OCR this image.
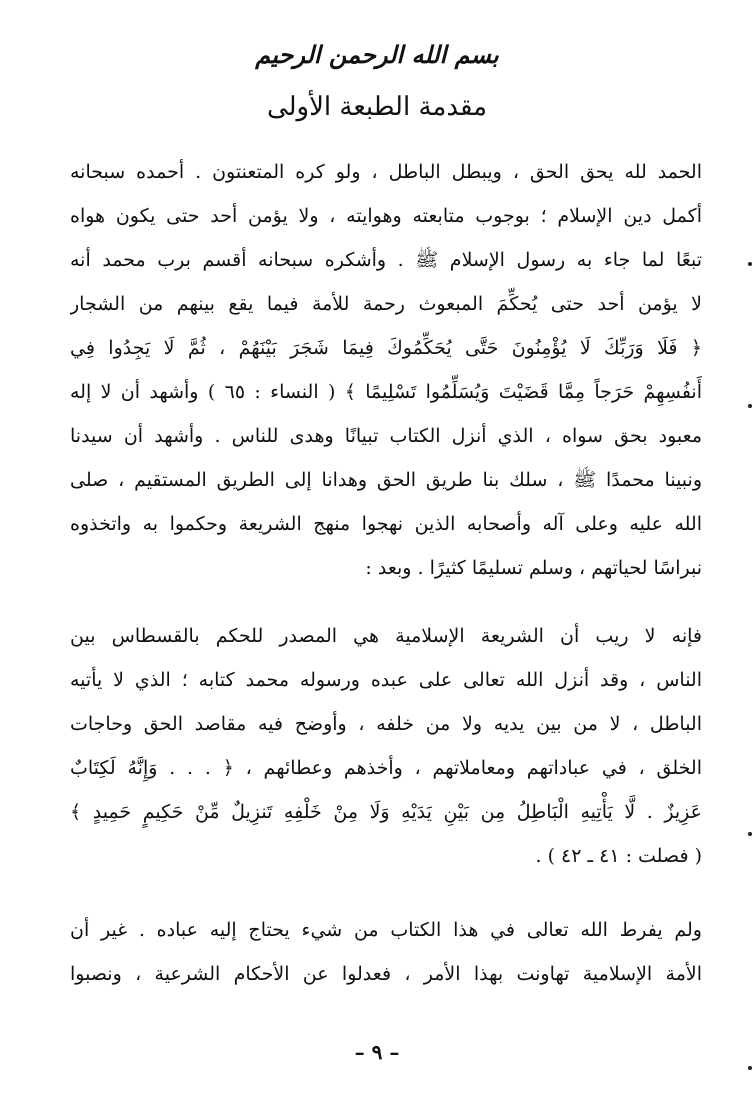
بسم الله الرحمن الرحيم
مقدمة الطبعة الأولى
الحمد لله يحق الحق ، ويبطل الباطل ، ولو كره المتعنتون . أحمده سبحانه
أكمل دين الإسلام ؛ بوجوب متابعته وهوايته ، ولا يؤمن أحد حتى يكون هواه
تبعًا لما جاء به رسول الإسلام ﷺ . وأشكره سبحانه أقسم برب محمد أنه
لا يؤمن أحد حتى يُحكِّمَ المبعوث رحمة للأمة فيما يقع بينهم من الشجار
﴿ فَلَا وَرَبِّكَ لَا يُؤْمِنُونَ حَتَّى يُحَكِّمُوكَ فِيمَا شَجَرَ بَيْنَهُمْ ، ثُمَّ لَا يَجِدُوا فِي
أَنفُسِهِمْ حَرَجاً مِمَّا قَضَيْتَ وَيُسَلِّمُوا تَسْلِيمًا ﴾ ( النساء : ٦٥ ) وأشهد أن لا إله
معبود بحق سواه ، الذي أنزل الكتاب تبيانًا وهدى للناس . وأشهد أن سيدنا
ونبينا محمدًا ﷺ ، سلك بنا طريق الحق وهدانا إلى الطريق المستقيم ، صلى
الله عليه وعلى آله وأصحابه الذين نهجوا منهج الشريعة وحكموا به واتخذوه
نبراسًا لحياتهم ، وسلم تسليمًا كثيرًا . وبعد :
فإنه لا ريب أن الشريعة الإسلامية هي المصدر للحكم بالقسطاس بين
الناس ، وقد أنزل الله تعالى على عبده ورسوله محمد كتابه ؛ الذي لا يأتيه
الباطل ، لا من بين يديه ولا من خلفه ، وأوضح فيه مقاصد الحق وحاجات
الخلق ، في عباداتهم ومعاملاتهم ، وأخذهم وعطائهم ، ﴿ . . . وَإِنَّهُ لَكِتَابٌ
عَزِيزٌ . لَّا يَأْتِيهِ الْبَاطِلُ مِن بَيْنِ يَدَيْهِ وَلَا مِنْ خَلْفِهِ تَنزِيلٌ مِّنْ حَكِيمٍ حَمِيدٍ ﴾
( فصلت : ٤١ ـ ٤٢ ) .
ولم يفرط الله تعالى في هذا الكتاب من شيء يحتاج إليه عباده . غير أن
الأمة الإسلامية تهاونت بهذا الأمر ، فعدلوا عن الأحكام الشرعية ، ونصبوا
– ٩ –
